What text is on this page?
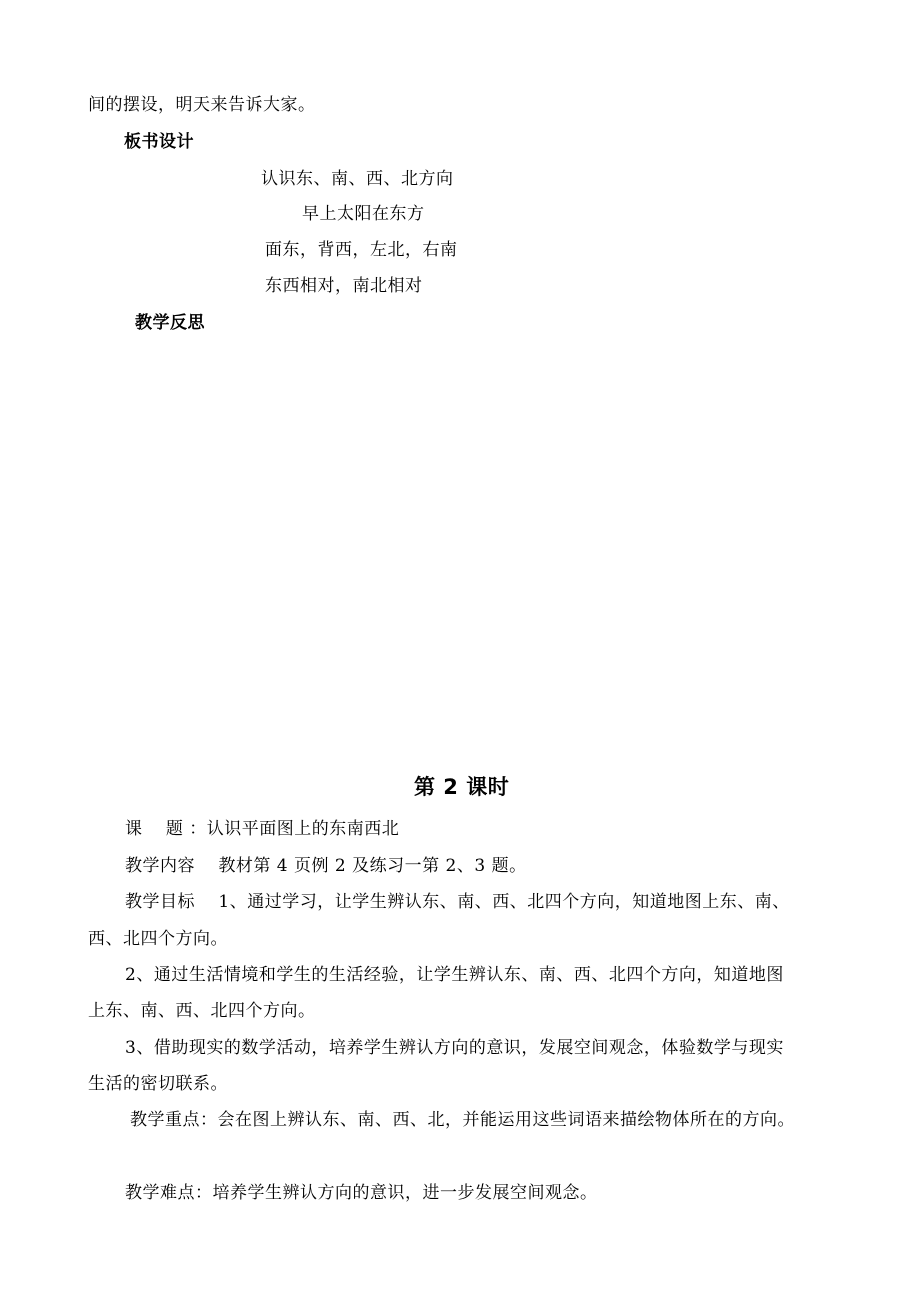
间的摆设，明天来告诉大家。
板书设计
认识东、南、西、北方向
早上太阳在东方
面东，背西，左北，右南
东西相对，南北相对
教学反思
第 2 课时
课　 题 ：认识平面图上的东南西北
教学内容　 教材第 4 页例 2 及练习一第 2、3 题。
教学目标　 1、通过学习，让学生辨认东、南、西、北四个方向，知道地图上东、南、
西、北四个方向。
2、通过生活情境和学生的生活经验，让学生辨认东、南、西、北四个方向，知道地图
上东、南、西、北四个方向。
3、借助现实的数学活动，培养学生辨认方向的意识，发展空间观念，体验数学与现实
生活的密切联系。
教学重点：会在图上辨认东、南、西、北，并能运用这些词语来描绘物体所在的方向。
教学难点：培养学生辨认方向的意识，进一步发展空间观念。
